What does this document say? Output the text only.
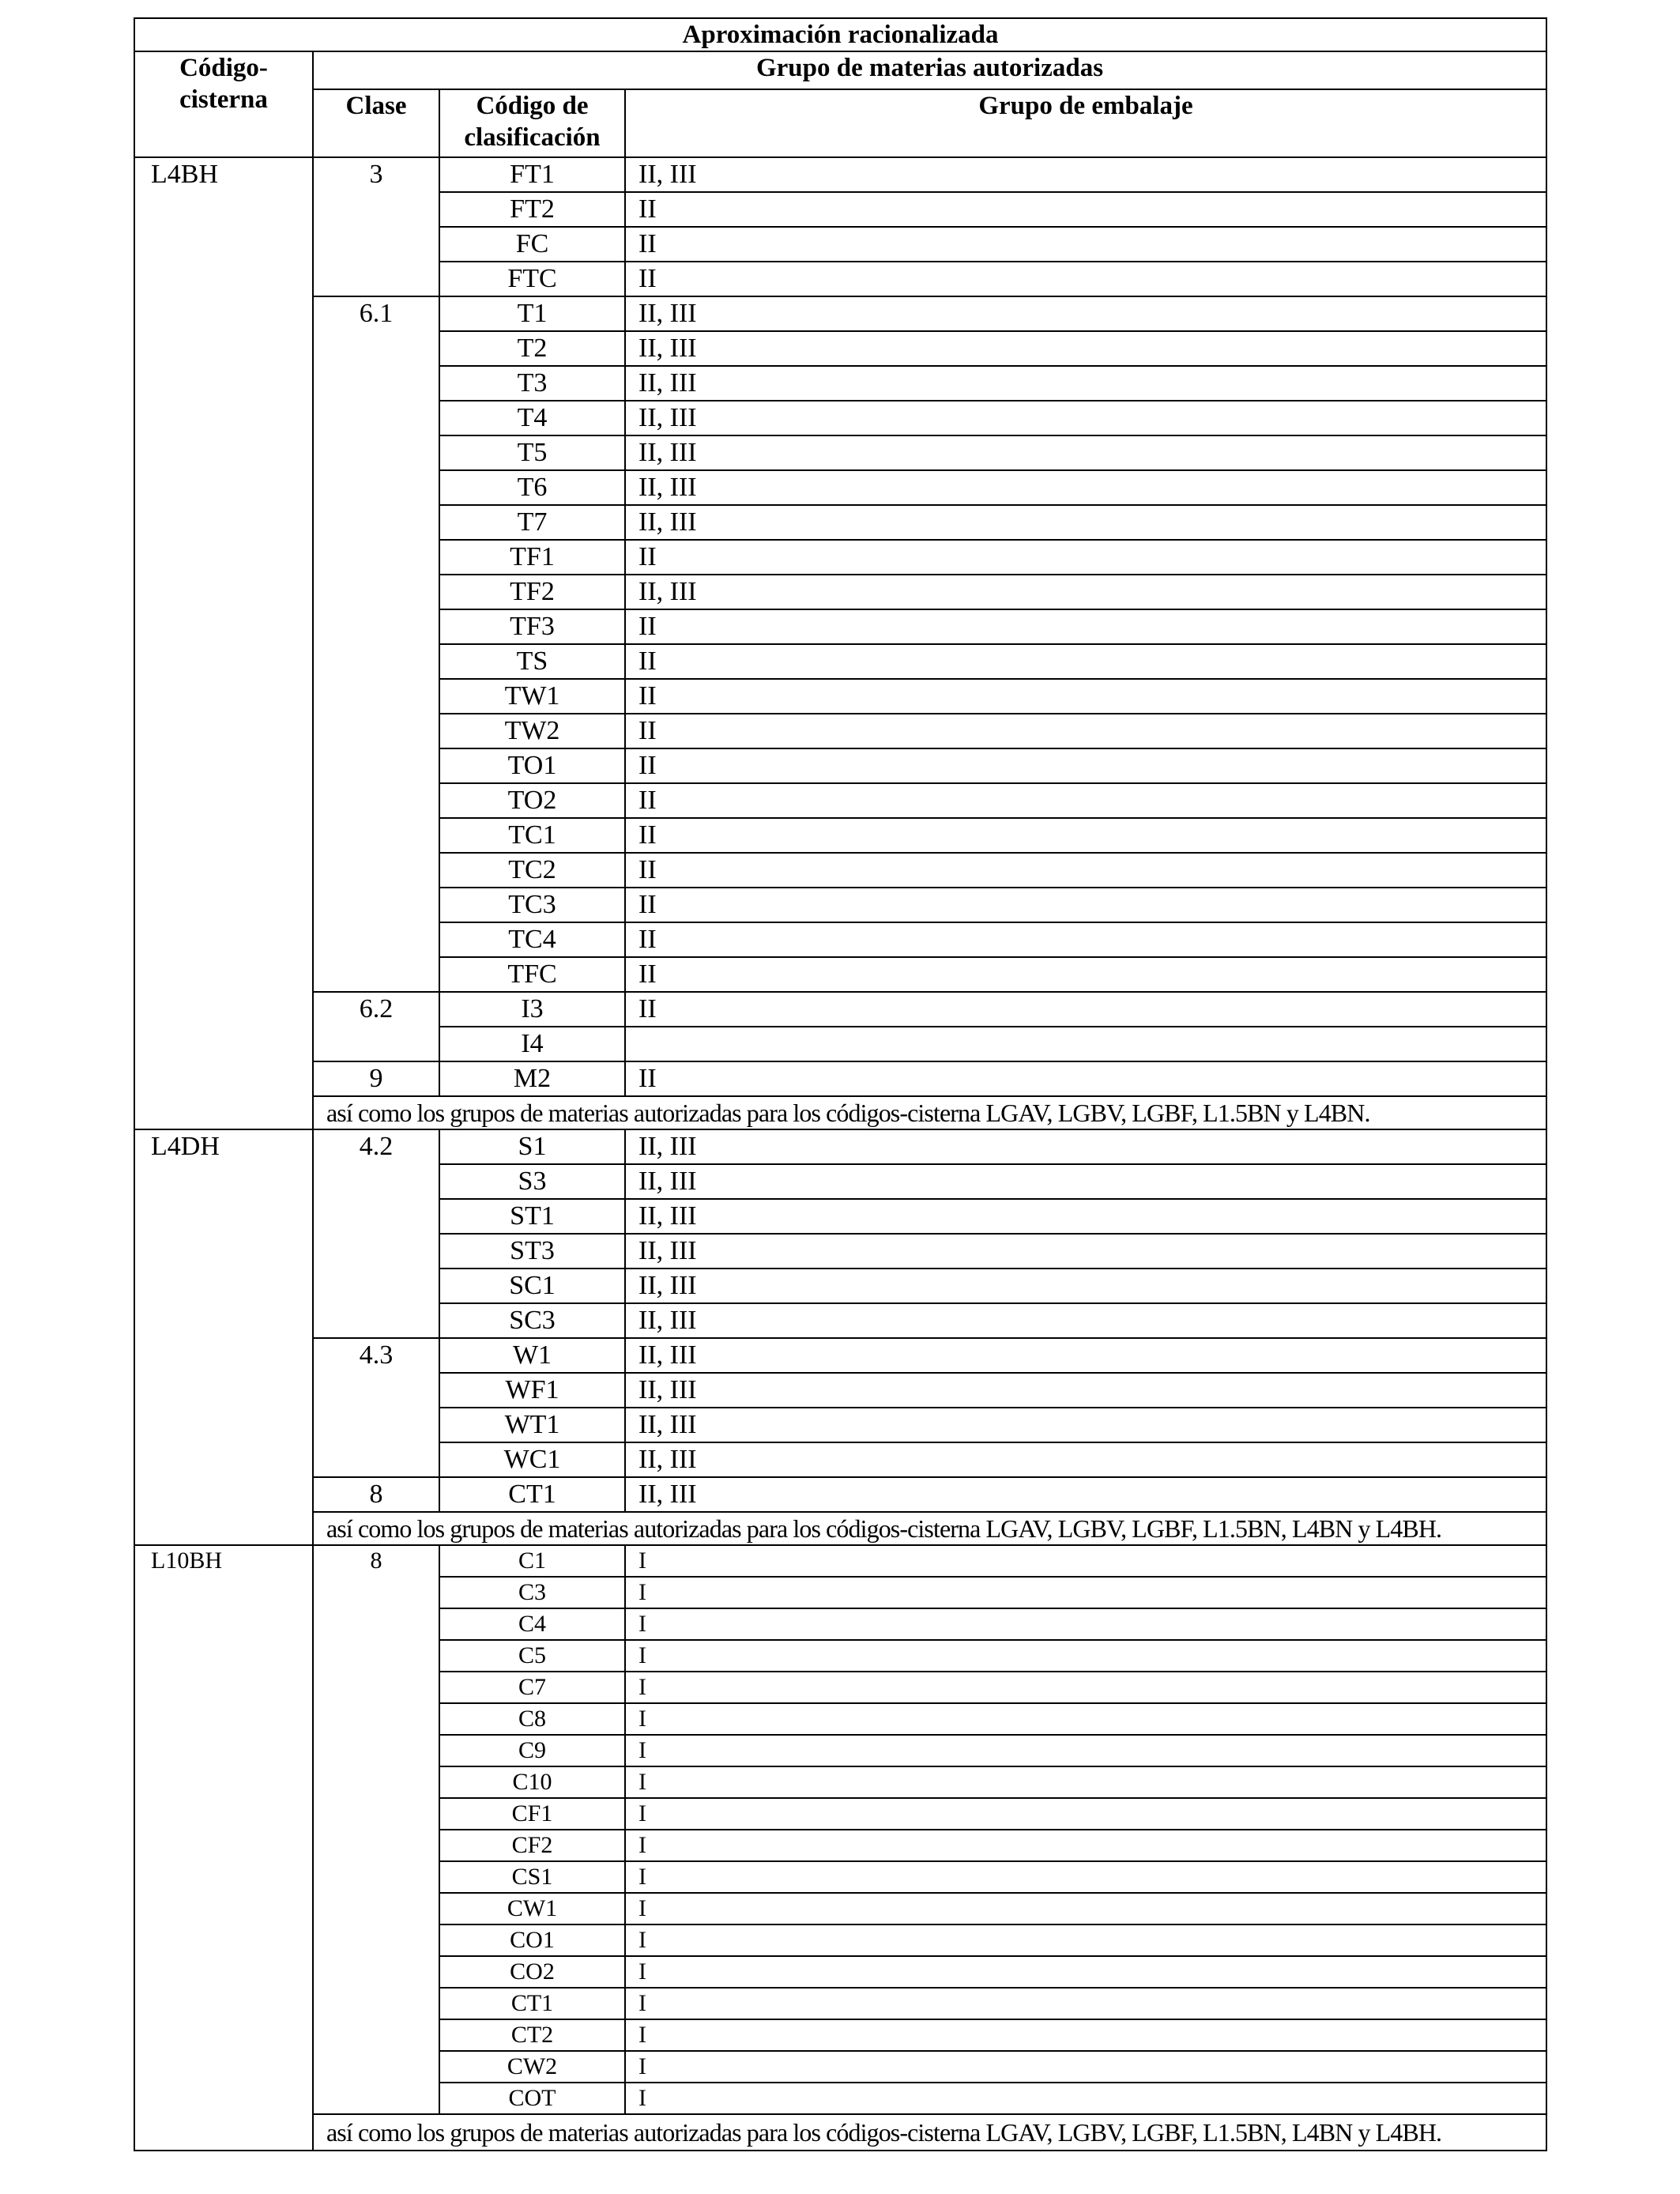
Aproximación racionalizada			
Código-
cisterna	Grupo de materias autorizadas		
	Clase	Código de
clasificación	Grupo de embalaje
L4BH	3	FT1	II, III
		FT2	II
		FC	II
		FTC	II
	6.1	T1	II, III
		T2	II, III
		T3	II, III
		T4	II, III
		T5	II, III
		T6	II, III
		T7	II, III
		TF1	II
		TF2	II, III
		TF3	II
		TS	II
		TW1	II
		TW2	II
		TO1	II
		TO2	II
		TC1	II
		TC2	II
		TC3	II
		TC4	II
		TFC	II
	6.2	I3	II
		I4	
	9	M2	II
	así como los grupos de materias autorizadas para los códigos-cisterna LGAV, LGBV, LGBF, L1.5BN y L4BN.		
L4DH	4.2	S1	II, III
		S3	II, III
		ST1	II, III
		ST3	II, III
		SC1	II, III
		SC3	II, III
	4.3	W1	II, III
		WF1	II, III
		WT1	II, III
		WC1	II, III
	8	CT1	II, III
	así como los grupos de materias autorizadas para los códigos-cisterna LGAV, LGBV, LGBF, L1.5BN, L4BN y L4BH.		
L10BH	8	C1	I
		C3	I
		C4	I
		C5	I
		C7	I
		C8	I
		C9	I
		C10	I
		CF1	I
		CF2	I
		CS1	I
		CW1	I
		CO1	I
		CO2	I
		CT1	I
		CT2	I
		CW2	I
		COT	I
	así como los grupos de materias autorizadas para los códigos-cisterna LGAV, LGBV, LGBF, L1.5BN, L4BN y L4BH.		
